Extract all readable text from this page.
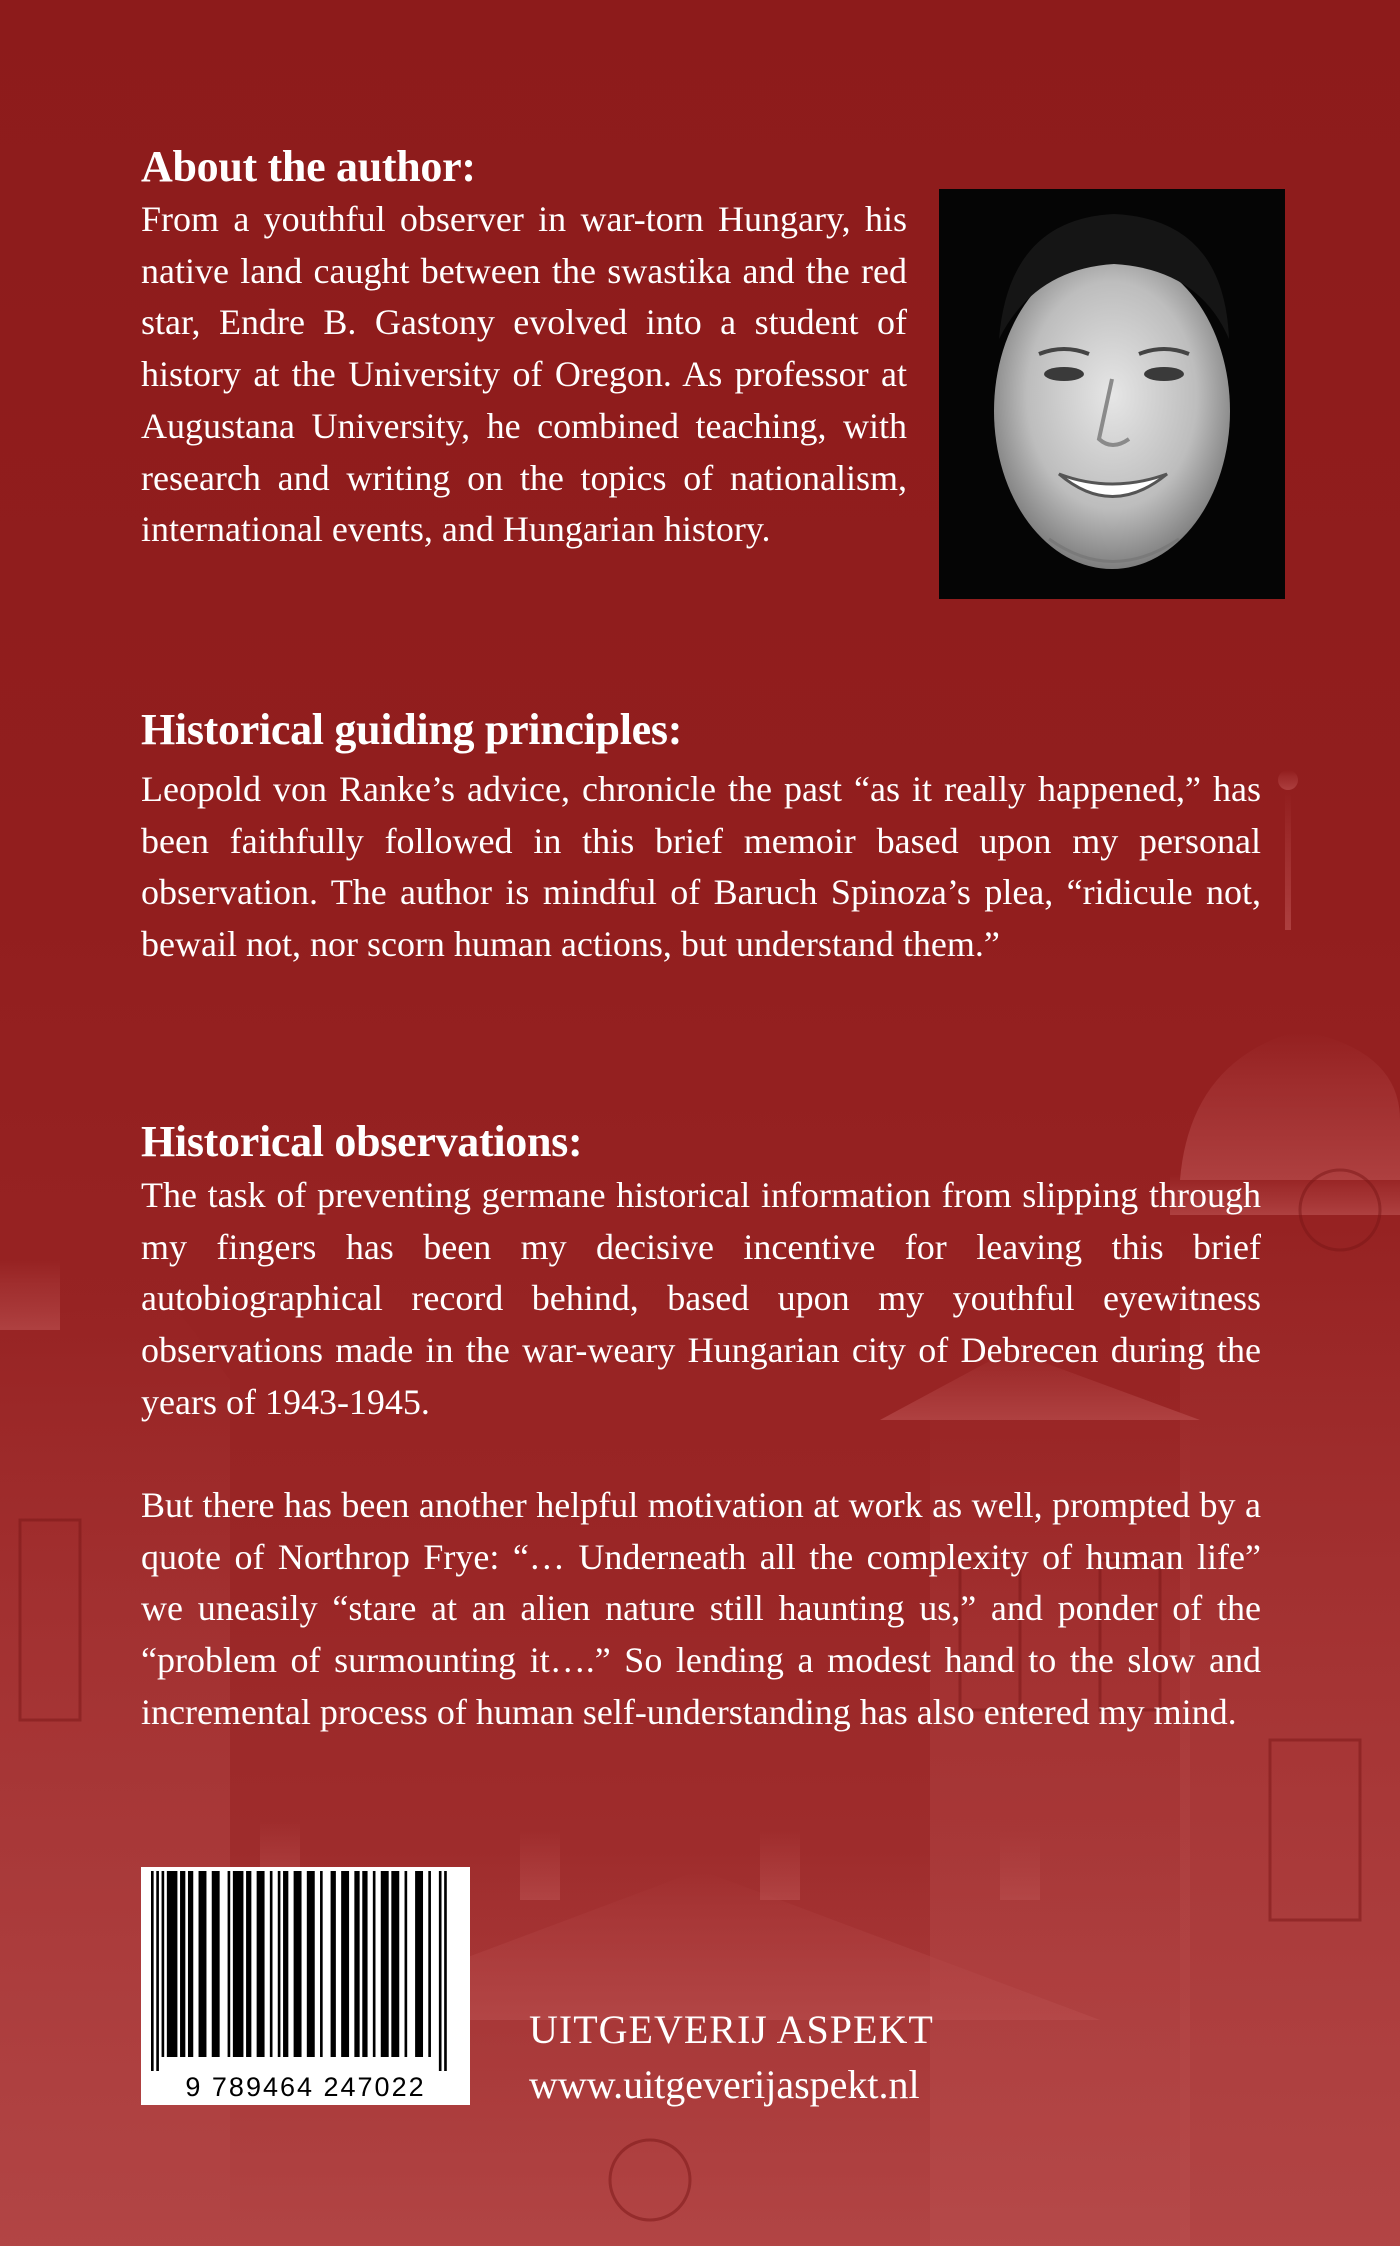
About the author:

From a youthful observer in war-torn Hungary, his native land caught between the swastika and the red star, Endre B. Gastony evolved into a student of history at the University of Oregon. As professor at Augustana University, he combined teaching, with research and writing on the topics of nationalism, international events, and Hungarian history.

Historical guiding principles:

Leopold von Ranke’s advice, chronicle the past “as it really happened,” has been faithfully followed in this brief memoir based upon my personal observation. The author is mindful of Baruch Spinoza’s plea, “ridicule not, bewail not, nor scorn human actions, but understand them.”

Historical observations:

The task of preventing germane historical information from slipping through my fingers has been my decisive incentive for leaving this brief autobiographical record behind, based upon my youthful eyewitness observations made in the war-weary Hungarian city of Debrecen during the years of 1943-1945.

But there has been another helpful motivation at work as well, prompted by a quote of Northrop Frye: “… Underneath all the complexity of human life” we uneasily “stare at an alien nature still haunting us,” and ponder of the “problem of surmounting it….” So lending a modest hand to the slow and incremental process of human self-understanding has also entered my mind.

9 789464 247022
UITGEVERIJ ASPEKT
www.uitgeverijaspekt.nl
